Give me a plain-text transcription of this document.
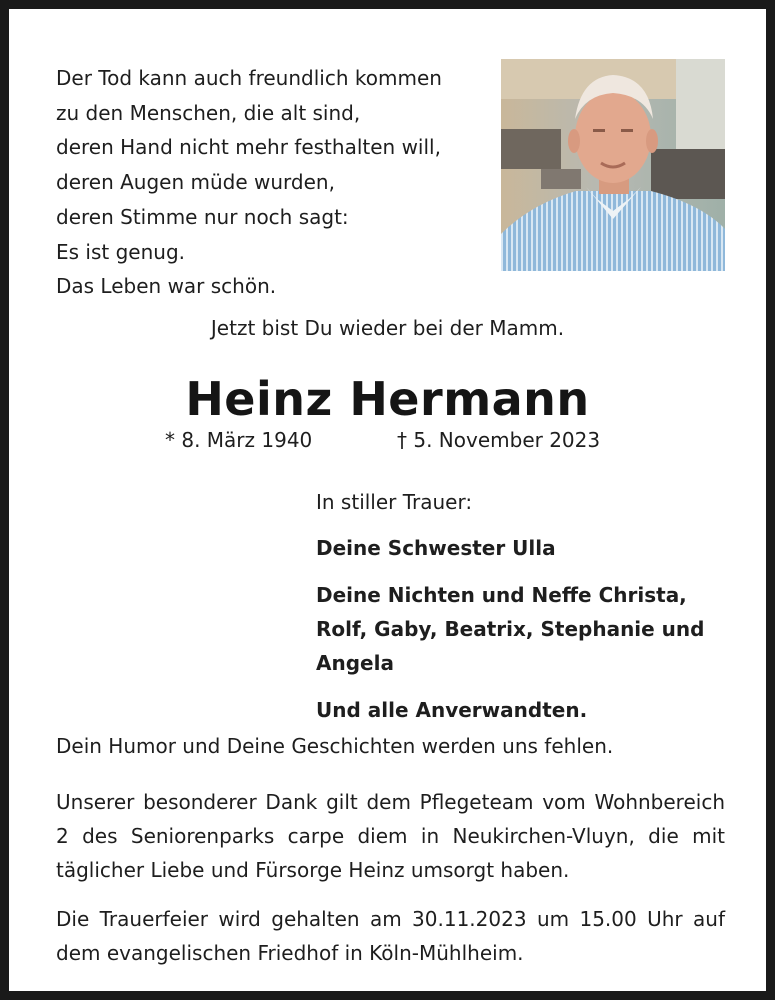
Der Tod kann auch freundlich kommen
zu den Menschen, die alt sind,
deren Hand nicht mehr festhalten will,
deren Augen müde wurden,
deren Stimme nur noch sagt:
Es ist genug.
Das Leben war schön.
Jetzt bist Du wieder bei der Mamm.
Heinz Hermann
* 8. März 1940	† 5. November 2023
In stiller Trauer:
Deine Schwester Ulla
Deine Nichten und Neffe Christa, Rolf, Gaby, Beatrix, Stephanie und Angela
Und alle Anverwandten.
Dein Humor und Deine Geschichten werden uns fehlen.
Unserer besonderer Dank gilt dem Pflegeteam vom Wohnbereich 2 des Seniorenparks carpe diem in Neukirchen-Vluyn, die mit täglicher Liebe und Fürsorge Heinz umsorgt haben.
Die Trauerfeier wird gehalten am 30.11.2023 um 15.00 Uhr auf dem evangelischen Friedhof in Köln-Mühlheim.
